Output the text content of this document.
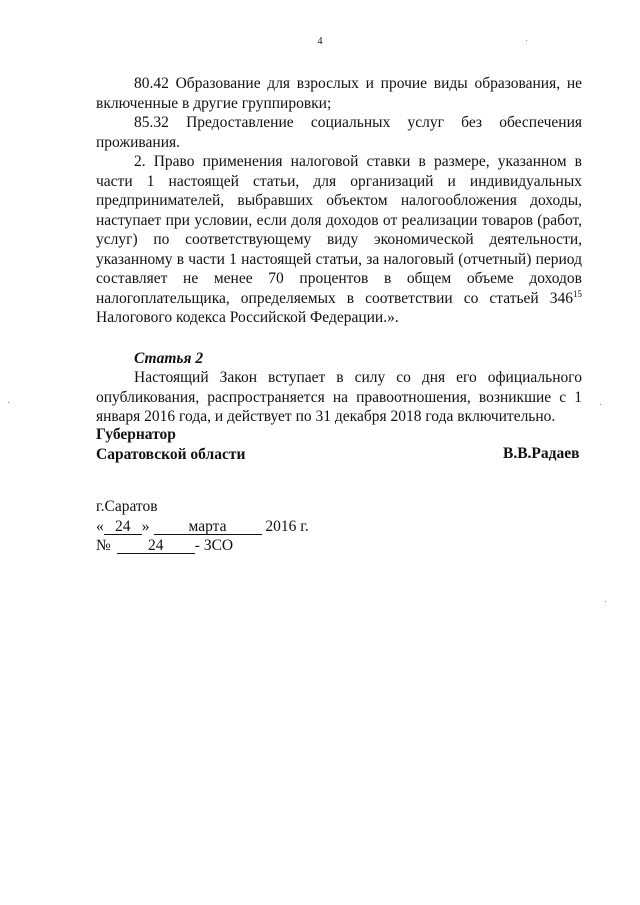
4

80.42 Образование для взрослых и прочие виды образования, не включенные в другие группировки;

85.32 Предоставление социальных услуг без обеспечения проживания.

2. Право применения налоговой ставки в размере, указанном в части 1 настоящей статьи, для организаций и индивидуальных предпринимателей, выбравших объектом налогообложения доходы, наступает при условии, если доля доходов от реализации товаров (работ, услуг) по соответствующему виду экономической деятельности, указанному в части 1 настоящей статьи, за налоговый (отчетный) период составляет не менее 70 процентов в общем объеме доходов налогоплательщика, определяемых в соответствии со статьей $346^{15}$ Налогового кодекса Российской Федерации.».

Статья 2

Настоящий Закон вступает в силу со дня его официального опубликования, распространяется на правоотношения, возникшие с 1 января 2016 года, и действует по 31 декабря 2018 года включительно.

Губернатор
Саратовской области	В.В.Радаев
г.Саратов
« 24 »	марта	2016 г.
№ 24 - ЗСО
